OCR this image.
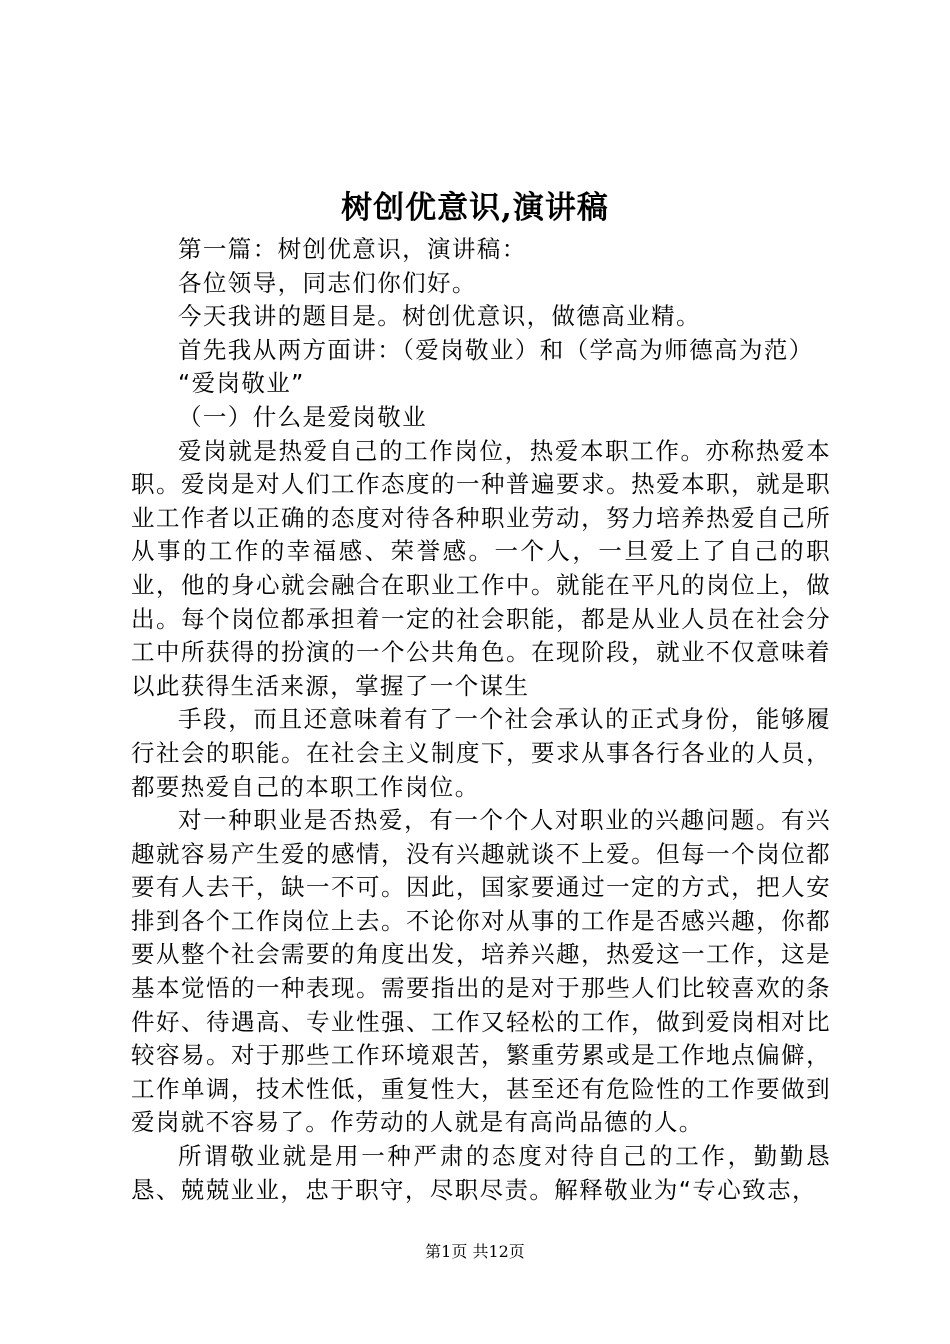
树创优意识,演讲稿

第一篇：树创优意识，演讲稿：

各位领导，同志们你们好。

今天我讲的题目是。树创优意识，做德高业精。

首先我从两方面讲：（爱岗敬业）和（学高为师德高为范）

“爱岗敬业”

（一）什么是爱岗敬业

爱岗就是热爱自己的工作岗位，热爱本职工作。亦称热爱本职。爱岗是对人们工作态度的一种普遍要求。热爱本职，就是职业工作者以正确的态度对待各种职业劳动，努力培养热爱自己所从事的工作的幸福感、荣誉感。一个人，一旦爱上了自己的职业，他的身心就会融合在职业工作中。就能在平凡的岗位上，做出。每个岗位都承担着一定的社会职能，都是从业人员在社会分工中所获得的扮演的一个公共角色。在现阶段，就业不仅意味着以此获得生活来源，掌握了一个谋生

手段，而且还意味着有了一个社会承认的正式身份，能够履行社会的职能。在社会主义制度下，要求从事各行各业的人员，都要热爱自己的本职工作岗位。

对一种职业是否热爱，有一个个人对职业的兴趣问题。有兴趣就容易产生爱的感情，没有兴趣就谈不上爱。但每一个岗位都要有人去干，缺一不可。因此，国家要通过一定的方式，把人安排到各个工作岗位上去。不论你对从事的工作是否感兴趣，你都要从整个社会需要的角度出发，培养兴趣，热爱这一工作，这是基本觉悟的一种表现。需要指出的是对于那些人们比较喜欢的条件好、待遇高、专业性强、工作又轻松的工作，做到爱岗相对比较容易。对于那些工作环境艰苦，繁重劳累或是工作地点偏僻，工作单调，技术性低，重复性大，甚至还有危险性的工作要做到爱岗就不容易了。作劳动的人就是有高尚品德的人。

所谓敬业就是用一种严肃的态度对待自己的工作，勤勤恳恳、兢兢业业，忠于职守，尽职尽责。解释敬业为“专心致志，

第1页 共12页
